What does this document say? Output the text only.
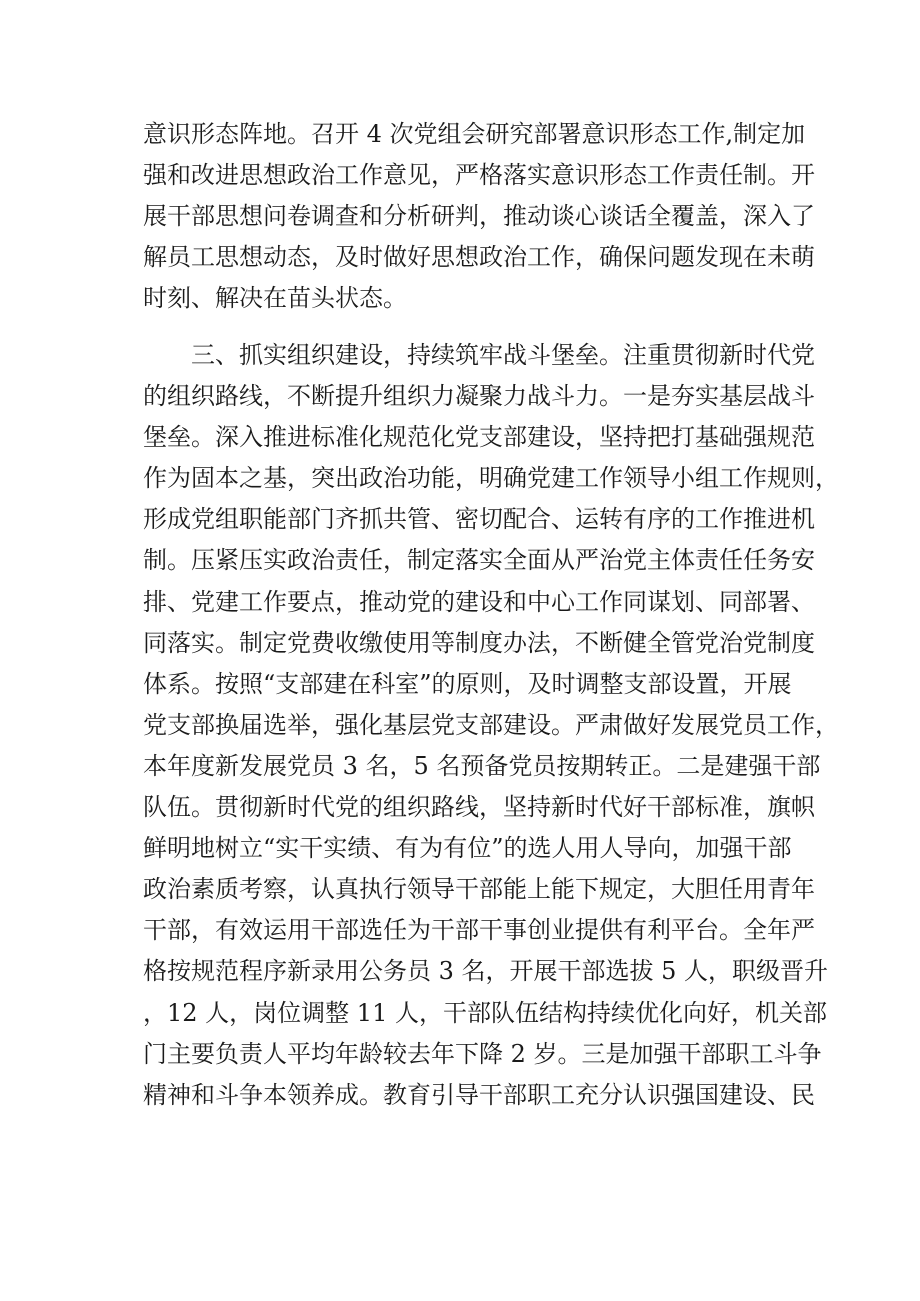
意识形态阵地。召开 4 次党组会研究部署意识形态工作,制定加
强和改进思想政治工作意见，严格落实意识形态工作责任制。开
展干部思想问卷调查和分析研判，推动谈心谈话全覆盖，深入了
解员工思想动态，及时做好思想政治工作，确保问题发现在未萌
时刻、解决在苗头状态。
三、抓实组织建设，持续筑牢战斗堡垒。注重贯彻新时代党
的组织路线，不断提升组织力凝聚力战斗力。一是夯实基层战斗
堡垒。深入推进标准化规范化党支部建设，坚持把打基础强规范
作为固本之基，突出政治功能，明确党建工作领导小组工作规则，
形成党组职能部门齐抓共管、密切配合、运转有序的工作推进机
制。压紧压实政治责任，制定落实全面从严治党主体责任任务安
排、党建工作要点，推动党的建设和中心工作同谋划、同部署、
同落实。制定党费收缴使用等制度办法，不断健全管党治党制度
体系。按照“支部建在科室”的原则，及时调整支部设置，开展
党支部换届选举，强化基层党支部建设。严肃做好发展党员工作，
本年度新发展党员 3 名，5 名预备党员按期转正。二是建强干部
队伍。贯彻新时代党的组织路线，坚持新时代好干部标准，旗帜
鲜明地树立“实干实绩、有为有位”的选人用人导向，加强干部
政治素质考察，认真执行领导干部能上能下规定，大胆任用青年
干部，有效运用干部选任为干部干事创业提供有利平台。全年严
格按规范程序新录用公务员 3 名，开展干部选拔 5 人，职级晋升
，12 人，岗位调整 11 人，干部队伍结构持续优化向好，机关部
门主要负责人平均年龄较去年下降 2 岁。三是加强干部职工斗争
精神和斗争本领养成。教育引导干部职工充分认识强国建设、民
